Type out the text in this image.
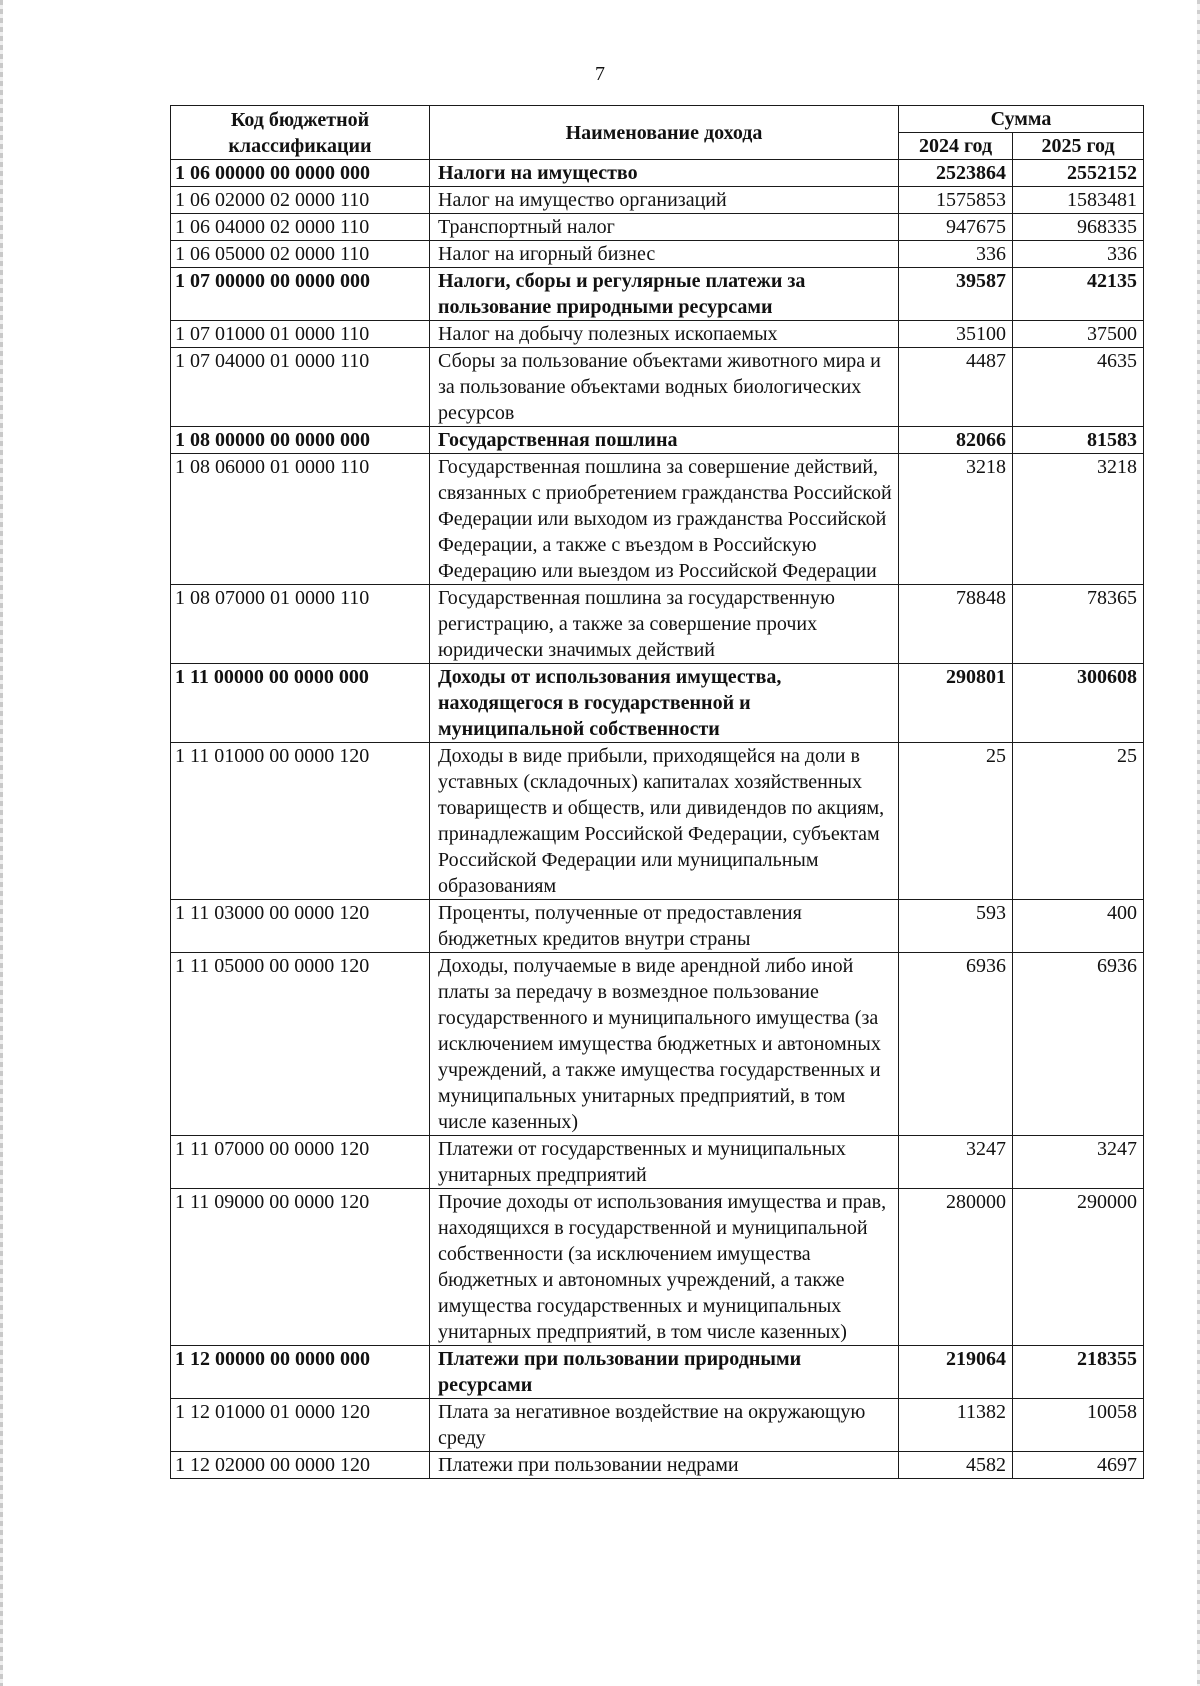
7
Код бюджетной классификации	Наименование дохода	Сумма	
		2024 год	2025 год
1 06 00000 00 0000 000	Налоги на имущество	2523864	2552152
1 06 02000 02 0000 110	Налог на имущество организаций	1575853	1583481
1 06 04000 02 0000 110	Транспортный налог	947675	968335
1 06 05000 02 0000 110	Налог на игорный бизнес	336	336
1 07 00000 00 0000 000	Налоги, сборы и регулярные платежи за пользование природными ресурсами	39587	42135
1 07 01000 01 0000 110	Налог на добычу полезных ископаемых	35100	37500
1 07 04000 01 0000 110	Сборы за пользование объектами животного мира и за пользование объектами водных биологических ресурсов	4487	4635
1 08 00000 00 0000 000	Государственная пошлина	82066	81583
1 08 06000 01 0000 110	Государственная пошлина за совершение действий, связанных с приобретением гражданства Российской Федерации или выходом из гражданства Российской Федерации, а также с въездом в Российскую Федерацию или выездом из Российской Федерации	3218	3218
1 08 07000 01 0000 110	Государственная пошлина за государственную регистрацию, а также за совершение прочих юридически значимых действий	78848	78365
1 11 00000 00 0000 000	Доходы от использования имущества, находящегося в государственной и муниципальной собственности	290801	300608
1 11 01000 00 0000 120	Доходы в виде прибыли, приходящейся на доли в уставных (складочных) капиталах хозяйственных товариществ и обществ, или дивидендов по акциям, принадлежащим Российской Федерации, субъектам Российской Федерации или муниципальным образованиям	25	25
1 11 03000 00 0000 120	Проценты, полученные от предоставления бюджетных кредитов внутри страны	593	400
1 11 05000 00 0000 120	Доходы, получаемые в виде арендной либо иной платы за передачу в возмездное пользование государственного и муниципального имущества (за исключением имущества бюджетных и автономных учреждений, а также имущества государственных и муниципальных унитарных предприятий, в том числе казенных)	6936	6936
1 11 07000 00 0000 120	Платежи от государственных и муниципальных унитарных предприятий	3247	3247
1 11 09000 00 0000 120	Прочие доходы от использования имущества и прав, находящихся в государственной и муниципальной собственности (за исключением имущества бюджетных и автономных учреждений, а также имущества государственных и муниципальных унитарных предприятий, в том числе казенных)	280000	290000
1 12 00000 00 0000 000	Платежи при пользовании природными ресурсами	219064	218355
1 12 01000 01 0000 120	Плата за негативное воздействие на окружающую среду	11382	10058
1 12 02000 00 0000 120	Платежи при пользовании недрами	4582	4697
